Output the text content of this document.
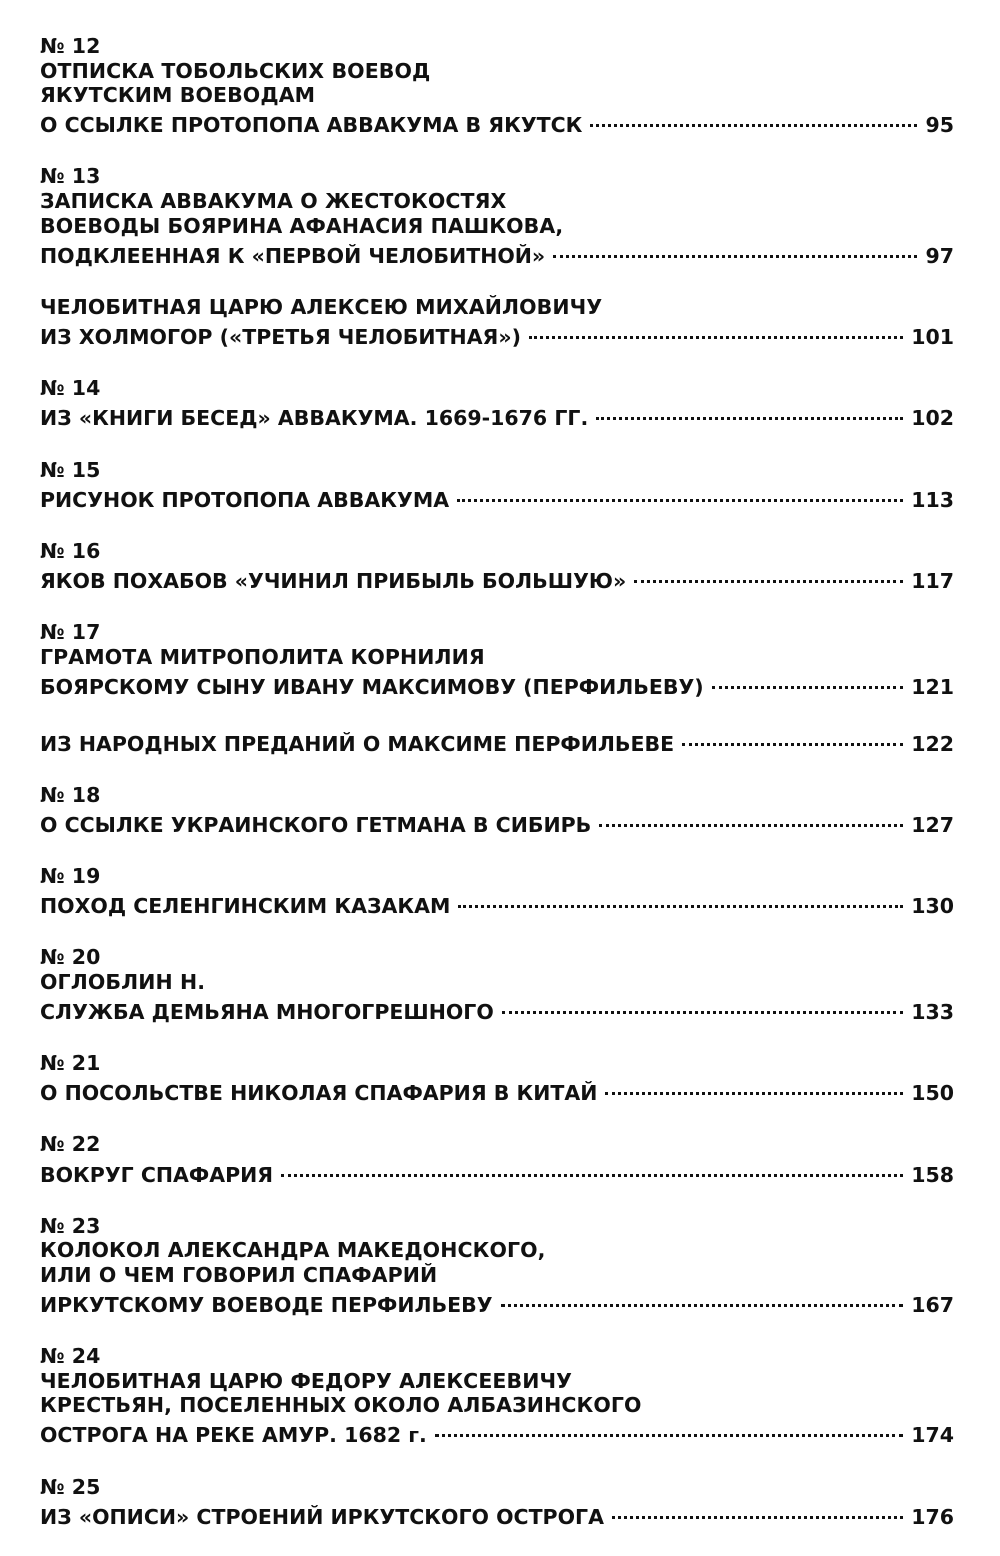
№ 12
ОТПИСКА ТОБОЛЬСКИХ ВОЕВОД
ЯКУТСКИМ ВОЕВОДАМ
О ССЫЛКЕ ПРОТОПОПА АВВАКУМА В ЯКУТСК	95
№ 13
ЗАПИСКА АВВАКУМА О ЖЕСТОКОСТЯХ
ВОЕВОДЫ БОЯРИНА АФАНАСИЯ ПАШКОВА,
ПОДКЛЕЕННАЯ К «ПЕРВОЙ ЧЕЛОБИТНОЙ»	97
ЧЕЛОБИТНАЯ ЦАРЮ АЛЕКСЕЮ МИХАЙЛОВИЧУ
ИЗ ХОЛМОГОР («ТРЕТЬЯ ЧЕЛОБИТНАЯ»)	101
№ 14
ИЗ «КНИГИ БЕСЕД» АВВАКУМА. 1669-1676 ГГ.	102
№ 15
РИСУНОК ПРОТОПОПА АВВАКУМА	113
№ 16
ЯКОВ ПОХАБОВ «УЧИНИЛ ПРИБЫЛЬ БОЛЬШУЮ»	117
№ 17
ГРАМОТА МИТРОПОЛИТА КОРНИЛИЯ
БОЯРСКОМУ СЫНУ ИВАНУ МАКСИМОВУ (ПЕРФИЛЬЕВУ)	121
ИЗ НАРОДНЫХ ПРЕДАНИЙ О МАКСИМЕ ПЕРФИЛЬЕВЕ	122
№ 18
О ССЫЛКЕ УКРАИНСКОГО ГЕТМАНА В СИБИРЬ	127
№ 19
ПОХОД СЕЛЕНГИНСКИМ КАЗАКАМ	130
№ 20
ОГЛОБЛИН Н.
СЛУЖБА ДЕМЬЯНА МНОГОГРЕШНОГО	133
№ 21
О ПОСОЛЬСТВЕ НИКОЛАЯ СПАФАРИЯ В КИТАЙ	150
№ 22
ВОКРУГ СПАФАРИЯ	158
№ 23
КОЛОКОЛ АЛЕКСАНДРА МАКЕДОНСКОГО,
ИЛИ О ЧЕМ ГОВОРИЛ СПАФАРИЙ
ИРКУТСКОМУ ВОЕВОДЕ ПЕРФИЛЬЕВУ	167
№ 24
ЧЕЛОБИТНАЯ ЦАРЮ ФЕДОРУ АЛЕКСЕЕВИЧУ
КРЕСТЬЯН, ПОСЕЛЕННЫХ ОКОЛО АЛБАЗИНСКОГО
ОСТРОГА НА РЕКЕ АМУР. 1682 г.	174
№ 25
ИЗ «ОПИСИ» СТРОЕНИЙ ИРКУТСКОГО ОСТРОГА	176
